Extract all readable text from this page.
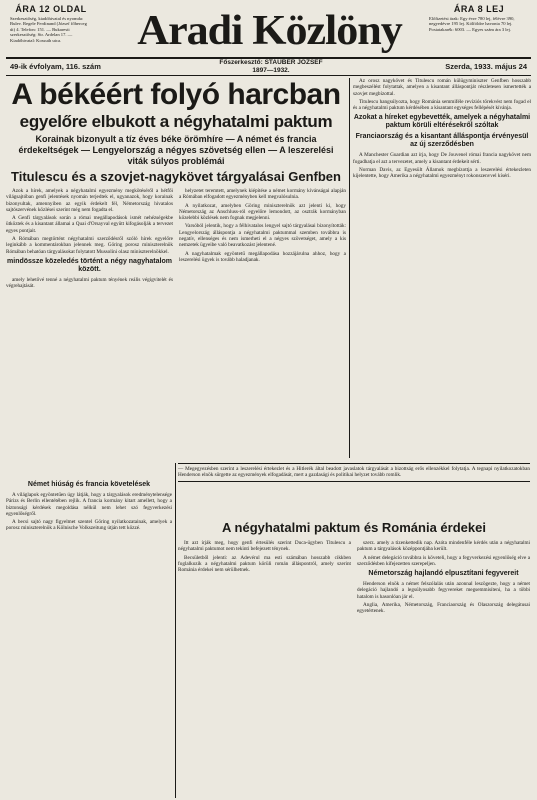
ÁRA 12 OLDAL
Szerkesztőség, kiadóhivatal és nyomda: Bulev. Regele Ferdinand (József főherceg út) 4. Telefon: 151. — Bukaresti szerkesztőség: Str. Ardelan 17. — Kiadóhivatal: Kossuth utca.	Aradi Közlöny	ÁRA 8 LEJ
Előfizetési árak: Egy évre 780 lej, félévre 390, negyedévre 195 lej. Kölföldre havonta 70 lej. Postatakarék: 6003. — Egyes szám ára 3 lej.
49-ik évfolyam, 116. szám	Főszerkesztő: STAUBER JÓZSEF
1897—1932.	Szerda, 1933. május 24
A békéért folyó harcban
egyelőre elbukott a négyhatalmi paktum
Korainak bizonyult a tíz éves béke örömhíre — A német és francia érdekeltségek — Lengyelország a négyes szövetség ellen — A leszerelési viták súlyos problémái
Titulescu és a szovjet-nagykövet tárgyalásai Genfben

Azok a hírek, amelyek a négyhatalmi egyezmény megkötéséről a hétfői világsajtóban genfi jelentések nyomán terjedtek el, ugyanazok, hogy korainak bizonyultak, amennyiben az egyik érdekelt fél, Németország hivatalos sajtószervének közlései szerint még nem fogadta el.

A Genfi tárgyalások során a római megállapodások ismét nehézségekbe ütköztek és a kisantant államai a Quai d'Orsayval együtt kifogásolják a tervezet egyes pontjait.

A Rómában megtörtént négyhatalmi szerződésről szóló hírek egyelőre leginkább a kommentárokban jelennek meg. Göring porosz miniszterelnök Rómában behatóan tárgyalásokat folytatott Mussolini olasz miniszterelnökkel.

mindössze közeledés történt a négy nagyhatalom között.

amely lehetővé tenné a négyhatalmi paktum tényének reális végigvitelét és végrehajtását.

helyzetet teremtett, amelynek kiépítése a német kormány kívánságai alapján a Rómában elfogadott egyezményben kell megvalósulnia.

A nyilatkozat, amelyben Göring miniszterelnök azt jelenti ki, hogy Németország az Anschluss-ról egyelőre lemondott, az osztrák kormányban közelebbi közlések nem fognak megjelenni.

Varsóból jelentik, hogy a félhivatalos lengyel sajtó tárgyalásai bizonyították: Lengyelország álláspontja a négyhatalmi paktummal szemben továbbra is negatív, ellenséges és nem ismerheti el a négyes szövetséget, amely a kis nemzetek ügyeibe való beavatkozást jelentené.

A nagyhatalmak egyöntetű megállapodása hozzájárulna ahhoz, hogy a leszerelési ügyek is tovább haladjanak.

Német hiúság és francia követelések

A világlapok egyöntetűen úgy látják, hogy a tárgyalások eredménytelensége Párizs és Berlin ellentétében rejlik. A francia kormány kitart amellett, hogy a biztonsági kérdések megoldása nélkül nem lehet szó fegyverkezési egyenlőségről.

A becsi sajtó nagy figyelmet szentel Göring nyilatkozatainak, amelyek a porosz miniszterelnök a Kölnische Volkszeitung útján tett közzé.

— Megegyezésben szerint a leszerelési értekezlet és a Hitlerék által beadott javaslatok tárgyalását a bizottság erős ellenzékkel folytatja. A tegnapi nyilatkozatokban Henderson elnök sürgette az egyezmények elfogadását, mert a gazdasági és politikai helyzet tovább romlik.

Az orosz nagykövet és Titulescu román külügyminiszter Genfben hosszabb megbeszélést folytattak, amelyen a kisantant álláspontját részletesen ismertették a szovjet megbízottal.

Titulescu hangsúlyozta, hogy Románia semmiféle revíziós törekvést nem fogad el és a négyhatalmi paktum kérdésében a kisantant egységes fellépését kívánja.

Azokat a híreket egybevették, amelyek a négyhatalmi paktum körüli eltérésekről szóltak

Franciaország és a kisantant álláspontja érvényesül az új szerződésben

A Manchester Guardian azt írja, hogy De Jouvenel római francia nagykövet nem fogadhatja el azt a tervezetet, amely a kisantant érdekeit sérti.

Norman Davis, az Egyesült Államok megbízottja a leszerelési értekezleten kijelentette, hogy Amerika a négyhatalmi egyezményt rokonszenvvel kíséri.

A négyhatalmi paktum és Románia érdekei

Itt azt írják meg, hogy genfi értesülés szerint Duca-ügyben Titulescu a négyhatalmi paktumot nem tekinti befejezett ténynek.

Becsületből jelenti: az Adevérul ma esti számában hosszabb cikkben foglalkozik a négyhatalmi paktum körüli román álláspontról, amely szerint Románia érdekei nem sérülhetnek.

szerz. amely a tizenkettedik nap. Azóta mindenféle kérdés után a négyhatalmi paktum a tárgyalások középpontjába került.

A német delegáció továbbra is követeli, hogy a fegyverkezési egyenlőség elve a szerződésben kifejezetten szerepeljen.

Németország hajlandó elpusztítani fegyvereit

Henderson elnök a német felszólalás után azonnal leszögezte, hogy a német delegáció hajlandó a legsúlyosabb fegyvereket megsemmisíteni, ha a többi hatalom is hasonlóan jár el.

Anglia, Amerika, Németország, Franciaország és Olaszország delegátusai egyetértenek.
